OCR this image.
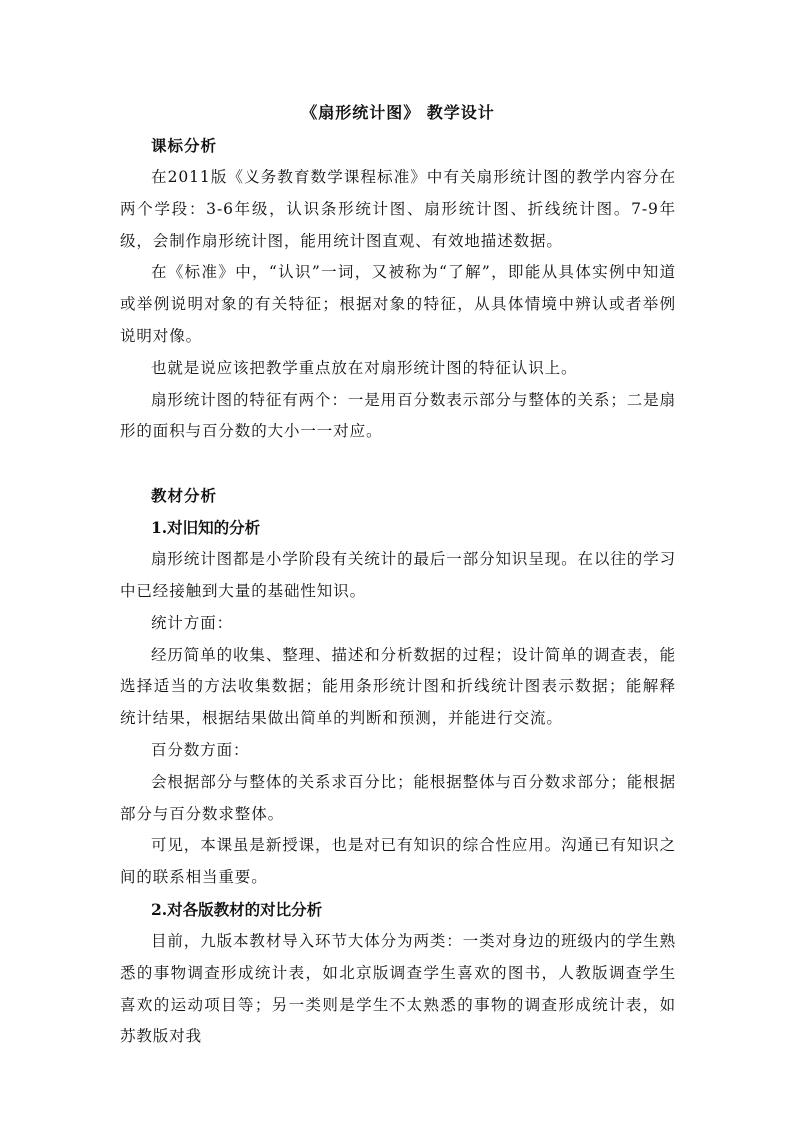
《扇形统计图》 教学设计
课标分析

在2011版《义务教育数学课程标准》中有关扇形统计图的教学内容分在两个学段：3-6年级，认识条形统计图、扇形统计图、折线统计图。7-9年级，会制作扇形统计图，能用统计图直观、有效地描述数据。

在《标准》中，“认识”一词，又被称为“了解”，即能从具体实例中知道或举例说明对象的有关特征；根据对象的特征，从具体情境中辨认或者举例说明对像。

也就是说应该把教学重点放在对扇形统计图的特征认识上。

扇形统计图的特征有两个：一是用百分数表示部分与整体的关系；二是扇形的面积与百分数的大小一一对应。

教材分析
1.对旧知的分析

扇形统计图都是小学阶段有关统计的最后一部分知识呈现。在以往的学习中已经接触到大量的基础性知识。

统计方面：

经历简单的收集、整理、描述和分析数据的过程；设计简单的调查表，能选择适当的方法收集数据；能用条形统计图和折线统计图表示数据；能解释统计结果，根据结果做出简单的判断和预测，并能进行交流。

百分数方面：

会根据部分与整体的关系求百分比；能根据整体与百分数求部分；能根据部分与百分数求整体。

可见，本课虽是新授课，也是对已有知识的综合性应用。沟通已有知识之间的联系相当重要。

2.对各版教材的对比分析

目前，九版本教材导入环节大体分为两类：一类对身边的班级内的学生熟悉的事物调查形成统计表，如北京版调查学生喜欢的图书，人教版调查学生喜欢的运动项目等；另一类则是学生不太熟悉的事物的调查形成统计表，如苏教版对我
